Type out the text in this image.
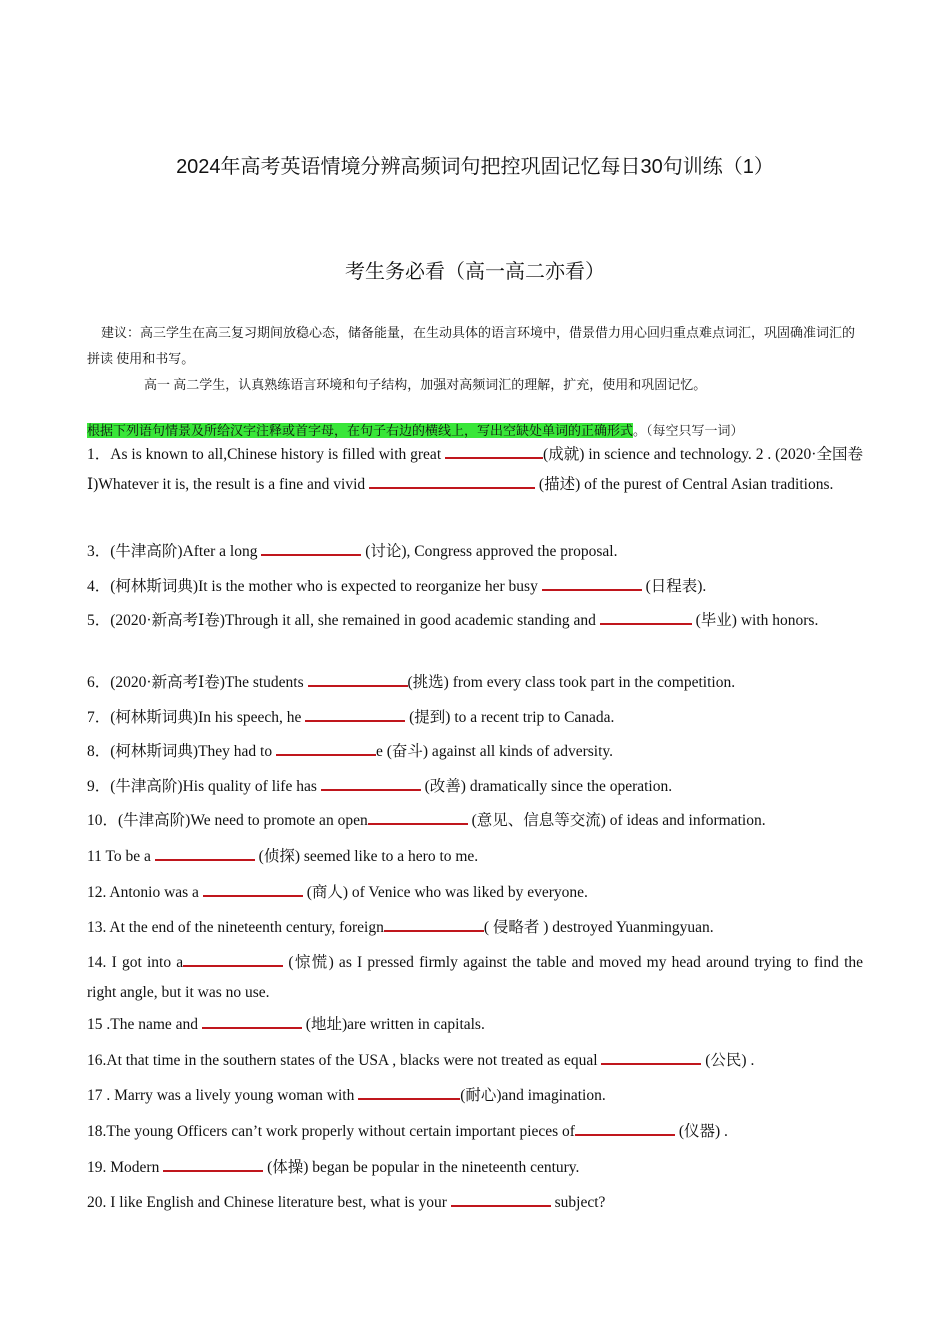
2024年高考英语情境分辨高频词句把控巩固记忆每日30句训练（1）
考生务必看（高一高二亦看）

建议：高三学生在高三复习期间放稳心态，储备能量，在生动具体的语言环境中，借景借力用心回归重点难点词汇，巩固确准词汇的拼读 使用和书写。

高一 高二学生，认真熟练语言环境和句子结构，加强对高频词汇的理解，扩充，使用和巩固记忆。

根据下列语句情景及所给汉字注释或首字母，在句子右边的横线上，写出空缺处单词的正确形式。（每空只写一词）
1．As is known to all,Chinese history is filled with great	(成就) in science and technology. 2 . (2020·全国卷Ⅰ)Whatever it is, the result is a fine and vivid	(描述) of the purest of Central Asian traditions.
3．(牛津高阶)After a long	(讨论), Congress approved the proposal.
4．(柯林斯词典)It is the mother who is expected to reorganize her busy	(日程表).
5．(2020·新高考Ⅰ卷)Through it all, she remained in good academic standing and	(毕业) with honors.
6．(2020·新高考Ⅰ卷)The students	(挑选) from every class took part in the competition.
7．(柯林斯词典)In his speech, he	(提到) to a recent trip to Canada.
8．(柯林斯词典)They had to	e (奋斗) against all kinds of adversity.
9．(牛津高阶)His quality of life has	(改善) dramatically since the operation.
10．(牛津高阶)We need to promote an open	(意见、信息等交流) of ideas and information.
11 To be a	(侦探) seemed like to a hero to me.
12. Antonio was a	(商人) of Venice who was liked by everyone.
13. At the end of the nineteenth century, foreign	( 侵略者 ) destroyed Yuanmingyuan.
14. I got into a	(惊慌) as I pressed firmly against the table and moved my head around trying to find the right angle, but it was no use.
15 .The name and	(地址)are written in capitals.
16.At that time in the southern states of the USA , blacks were not treated as equal	(公民) .
17 . Marry was a lively young woman with	(耐心)and imagination.
18.The young Officers can’t work properly without certain important pieces of	(仪器) .
19. Modern	(体操) began be popular in the nineteenth century.
20. I like English and Chinese literature best, what is your	subject?
